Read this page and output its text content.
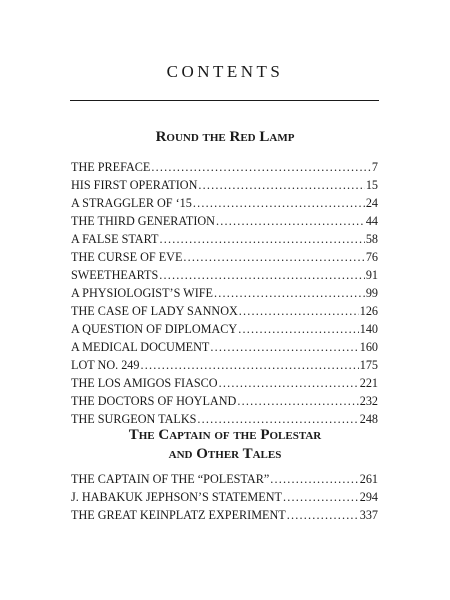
CONTENTS
Round the Red Lamp
THE PREFACE .....	7
HIS FIRST OPERATION .....	15
A STRAGGLER OF ‘15 .....	24
THE THIRD GENERATION .....	44
A FALSE START .....	58
THE CURSE OF EVE .....	76
SWEETHEARTS .....	91
A PHYSIOLOGIST’S WIFE .....	99
THE CASE OF LADY SANNOX .....	126
A QUESTION OF DIPLOMACY .....	140
A MEDICAL DOCUMENT .....	160
LOT NO. 249 .....	175
THE LOS AMIGOS FIASCO .....	221
THE DOCTORS OF HOYLAND .....	232
THE SURGEON TALKS .....	248
The Captain of the Polestar
and Other Tales
THE CAPTAIN OF THE “POLESTAR” .....	261
J. HABAKUK JEPHSON’S STATEMENT .....	294
THE GREAT KEINPLATZ EXPERIMENT .....	337
